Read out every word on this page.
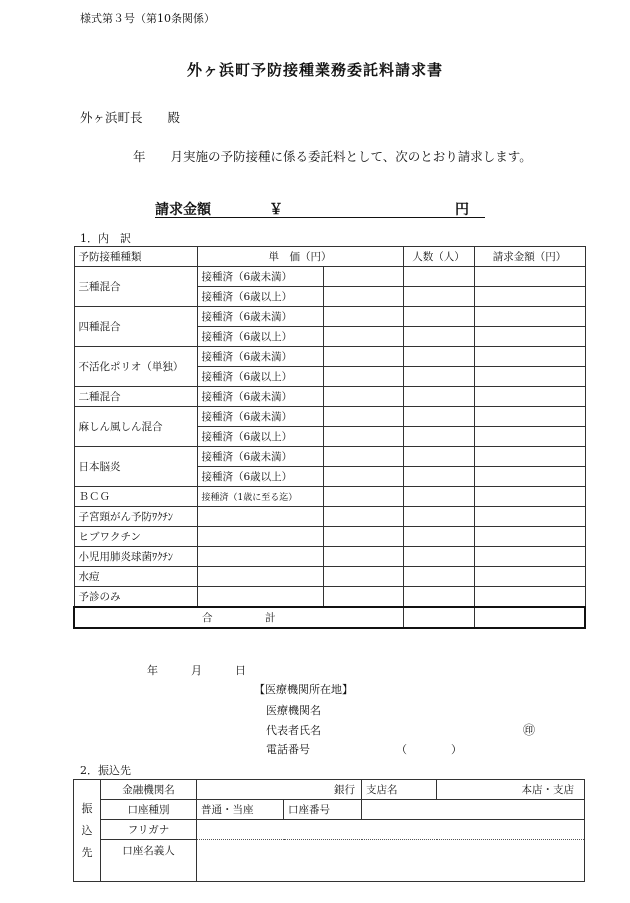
様式第３号（第10条関係）
外ヶ浜町予防接種業務委託料請求書
外ヶ浜町長　　殿
年　　月実施の予防接種に係る委託料として、次のとおり請求します。
請求金額	￥	円
1．内　訳
予防接種種類	単　価（円）		人数（人）	請求金額（円）
三種混合	接種済（6歳未満）			
	接種済（6歳以上）			
四種混合	接種済（6歳未満）			
	接種済（6歳以上）			
不活化ポリオ（単独）	接種済（6歳未満）			
	接種済（6歳以上）			
二種混合	接種済（6歳未満）			
麻しん風しん混合	接種済（6歳未満）			
	接種済（6歳以上）			
日本脳炎	接種済（6歳未満）			
	接種済（6歳以上）			
ＢＣＧ	接種済（1歳に至る迄）			
子宮頸がん予防ﾜｸﾁﾝ				
ヒブワクチン				
小児用肺炎球菌ﾜｸﾁﾝ				
水痘				
予診のみ				
合　　　　　計				
年　　　月　　　日
【医療機関所在地】
医療機関名
代表者氏名	㊞
電話番号	（　　　　）
2．振込先
振
込
先	金融機関名	銀行		支店名	本店・支店
	口座種別	普通・当座	口座番号		
	フリガナ				
	口座名義人				
